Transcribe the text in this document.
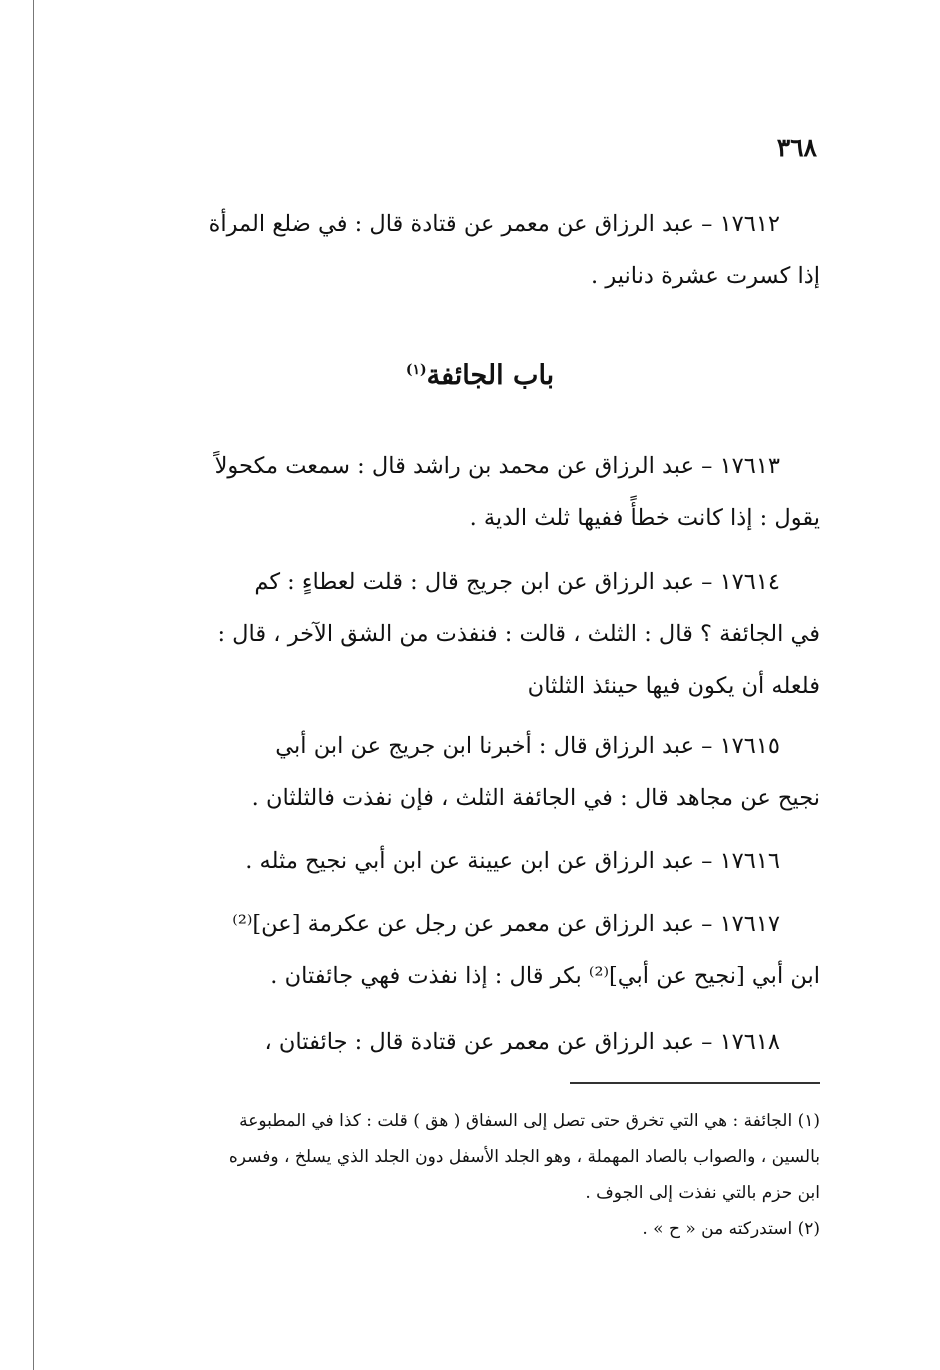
٣٦٨
١٧٦١٢ – عبد الرزاق عن معمر عن قتادة قال : في ضلع المرأة
إذا كسرت عشرة دنانير .
باب الجائفة$^{(١)}$
١٧٦١٣ – عبد الرزاق عن محمد بن راشد قال : سمعت مكحولاً
يقول : إذا كانت خطأً ففيها ثلث الدية .
١٧٦١٤ – عبد الرزاق عن ابن جريج قال : قلت لعطاءٍ : كم
في الجائفة ؟ قال : الثلث ، قالت : فنفذت من الشق الآخر ، قال :
فلعله أن يكون فيها حينئذ الثلثان
١٧٦١٥ – عبد الرزاق قال : أخبرنا ابن جريج عن ابن أبي
نجيح عن مجاهد قال : في الجائفة الثلث ، فإن نفذت فالثلثان .
١٧٦١٦ – عبد الرزاق عن ابن عيينة عن ابن أبي نجيح مثله .
١٧٦١٧ – عبد الرزاق عن معمر عن رجل عن عكرمة [عن]⁽²⁾
ابن أبي [نجيح عن أبي]⁽²⁾ بكر قال : إذا نفذت فهي جائفتان .
١٧٦١٨ – عبد الرزاق عن معمر عن قتادة قال : جائفتان ،
(١) الجائفة : هي التي تخرق حتى تصل إلى السفاق ( هق ) قلت : كذا في المطبوعة
بالسين ، والصواب بالصاد المهملة ، وهو الجلد الأسفل دون الجلد الذي يسلخ ، وفسره
ابن حزم بالتي نفذت إلى الجوف .
(٢) استدركته من « ح » .
